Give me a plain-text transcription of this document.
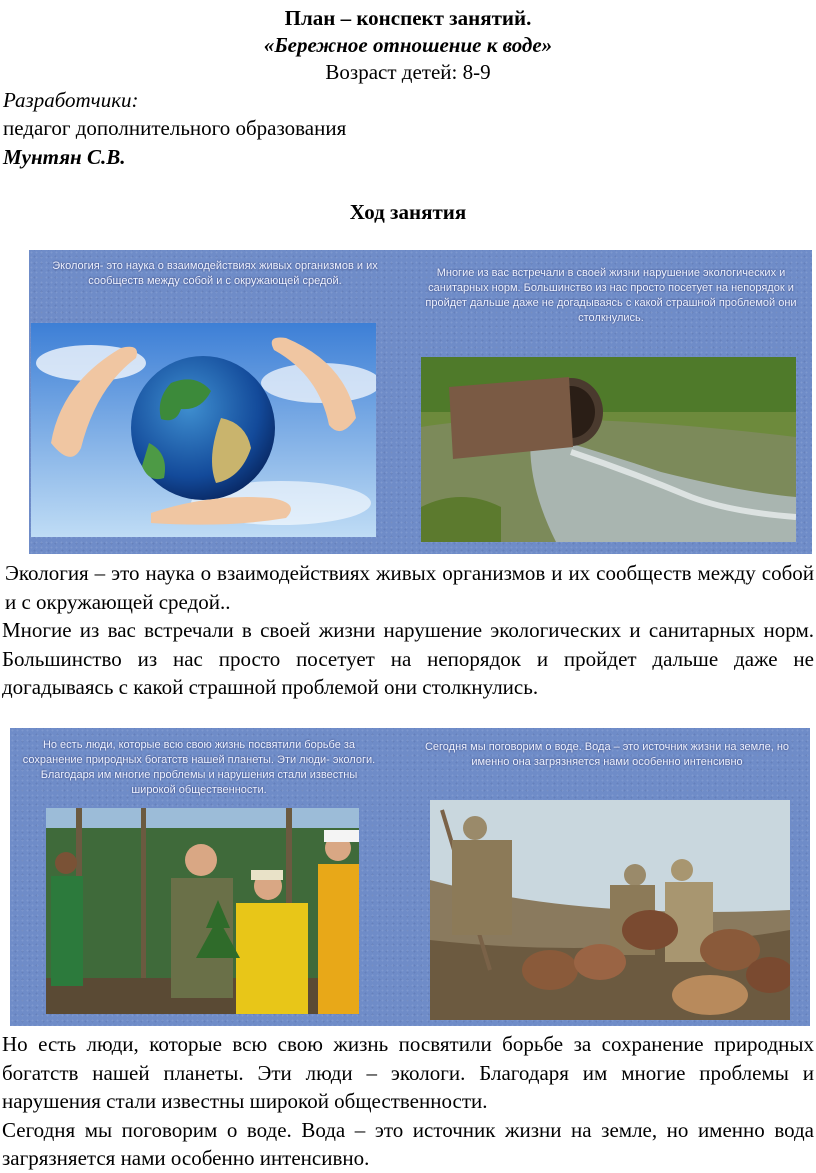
План – конспект занятий.
«Бережное отношение к воде»
Возраст детей: 8-9
Разработчики:
педагог дополнительного образования
Мунтян С.В.
Ход занятия
Экология- это наука о взаимодействиях живых организмов и их сообществ между собой и с окружающей средой.
Многие из вас встречали в своей жизни нарушение экологических и санитарных норм. Большинство из нас просто посетует на непорядок и пройдет дальше даже не догадываясь с какой страшной проблемой они столкнулись.
Экология – это наука о взаимодействиях живых организмов и их сообществ между собой и с окружающей средой..
Многие из вас встречали в своей жизни нарушение экологических и санитарных норм. Большинство из нас просто посетует на непорядок и пройдет дальше даже не догадываясь с какой страшной проблемой они столкнулись.
Но есть люди, которые всю свою жизнь посвятили борьбе за сохранение природных богатств нашей планеты. Эти люди- экологи. Благодаря им многие проблемы и нарушения стали известны широкой общественности.
Сегодня мы поговорим о воде. Вода – это источник жизни на земле, но именно она загрязняется нами особенно интенсивно
Но есть люди, которые всю свою жизнь посвятили борьбе за сохранение природных богатств нашей планеты. Эти люди – экологи. Благодаря им многие проблемы и нарушения стали известны широкой общественности.
Сегодня мы поговорим о воде. Вода – это источник жизни на земле, но именно вода загрязняется нами особенно интенсивно.
